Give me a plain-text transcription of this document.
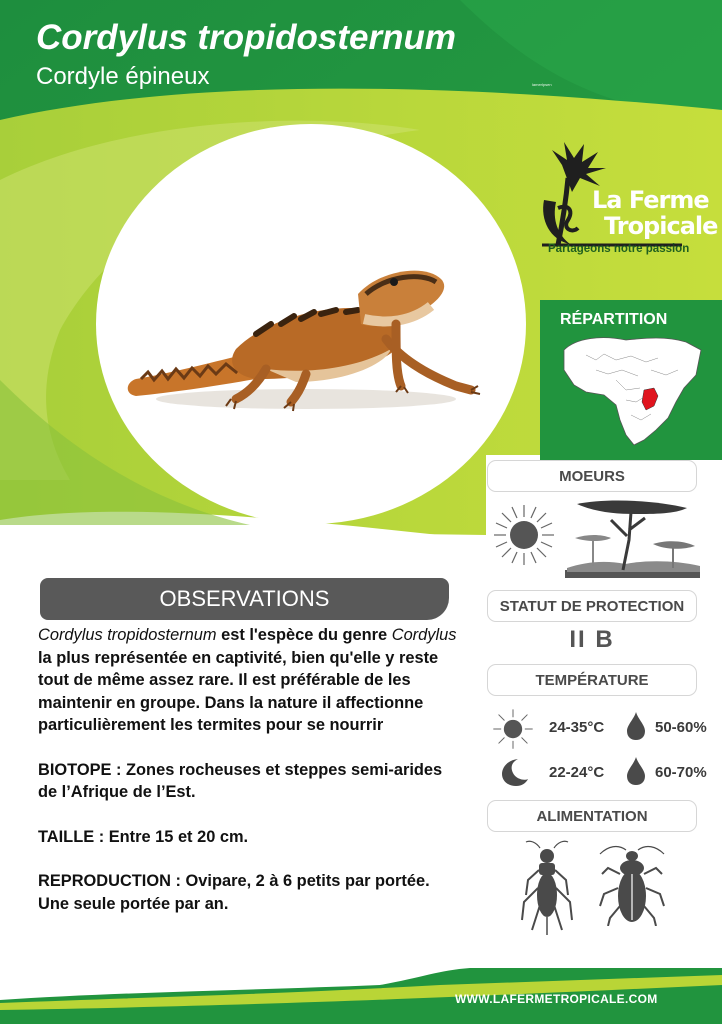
Cordylus tropidosternum
Cordyle épineux	lamerlpsen
La Ferme
Tropicale
Partageons notre passion
RÉPARTITION
MOEURS
STATUT DE PROTECTION
II B
TEMPÉRATURE
24-35°C	50-60%
22-24°C	60-70%
ALIMENTATION
OBSERVATIONS

Cordylus tropidosternum est l'espèce du genre Cordylus la plus représentée en captivité, bien qu'elle y reste tout de même assez rare. Il est préférable de les maintenir en groupe. Dans la nature il affectionne particulièrement les termites pour se nourrir

BIOTOPE : Zones rocheuses et steppes semi-arides de l’Afrique de l’Est.

TAILLE : Entre 15 et 20 cm.

REPRODUCTION : Ovipare, 2 à 6 petits par portée. Une seule portée par an.

WWW.LAFERMETROPICALE.COM
